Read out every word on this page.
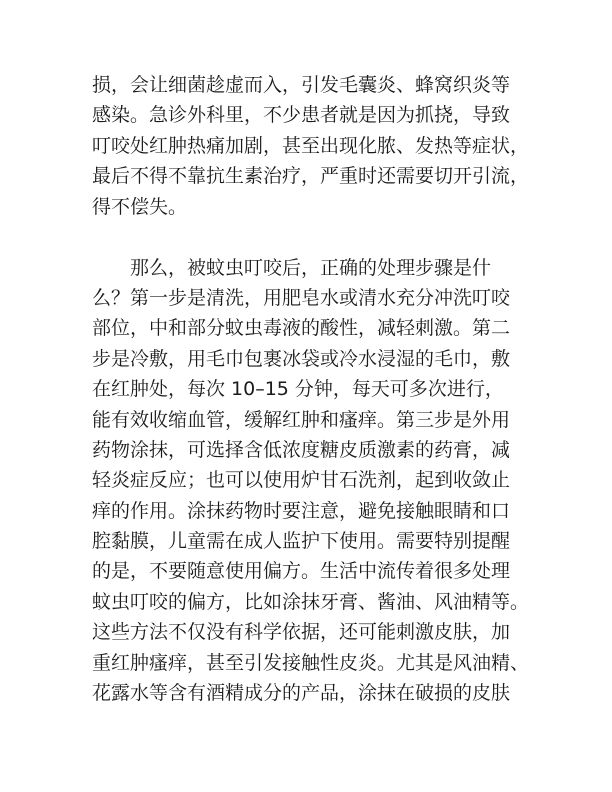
损，会让细菌趁虚而入，引发毛囊炎、蜂窝织炎等
感染。急诊外科里，不少患者就是因为抓挠，导致
叮咬处红肿热痛加剧，甚至出现化脓、发热等症状，
最后不得不靠抗生素治疗，严重时还需要切开引流，
得不偿失。
那么，被蚊虫叮咬后，正确的处理步骤是什
么？第一步是清洗，用肥皂水或清水充分冲洗叮咬
部位，中和部分蚊虫毒液的酸性，减轻刺激。第二
步是冷敷，用毛巾包裹冰袋或冷水浸湿的毛巾，敷
在红肿处，每次 10–15 分钟，每天可多次进行，
能有效收缩血管，缓解红肿和瘙痒。第三步是外用
药物涂抹，可选择含低浓度糖皮质激素的药膏，减
轻炎症反应；也可以使用炉甘石洗剂，起到收敛止
痒的作用。涂抹药物时要注意，避免接触眼睛和口
腔黏膜，儿童需在成人监护下使用。需要特别提醒
的是，不要随意使用偏方。生活中流传着很多处理
蚊虫叮咬的偏方，比如涂抹牙膏、酱油、风油精等。
这些方法不仅没有科学依据，还可能刺激皮肤，加
重红肿瘙痒，甚至引发接触性皮炎。尤其是风油精、
花露水等含有酒精成分的产品，涂抹在破损的皮肤
